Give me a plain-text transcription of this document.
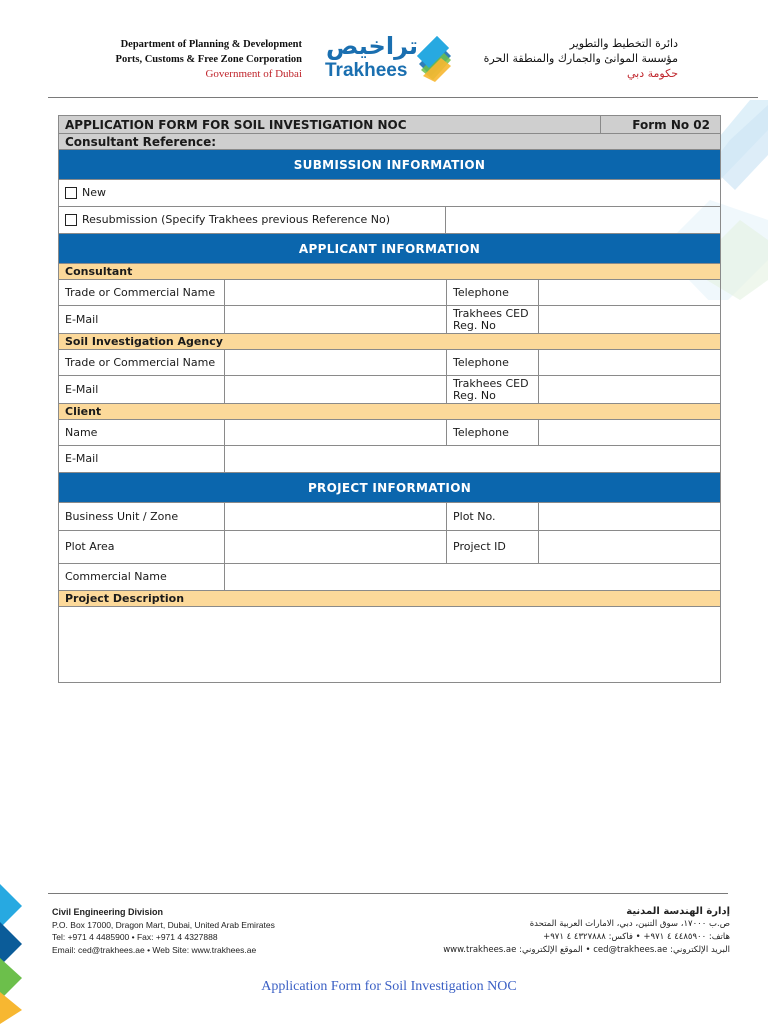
Department of Planning & Development
Ports, Customs & Free Zone Corporation
Government of Dubai
تراخيص
Trakhees
دائرة التخطيط والتطوير
مؤسسة الموانئ والجمارك والمنطقة الحرة
حكومة دبي
APPLICATION FORM FOR SOIL INVESTIGATION NOC	Form No 02
Consultant Reference:
SUBMISSION INFORMATION
New
Resubmission (Specify Trakhees previous Reference No)
APPLICANT INFORMATION
Consultant
Trade or Commercial Name	Telephone
E-Mail	Trakhees CED Reg. No
Soil Investigation Agency
Trade or Commercial Name	Telephone
E-Mail	Trakhees CED Reg. No
Client
Name	Telephone
E-Mail
PROJECT INFORMATION
Business Unit / Zone	Plot No.
Plot Area	Project ID
Commercial Name
Project Description
Civil Engineering Division
P.O. Box 17000, Dragon Mart, Dubai, United Arab Emirates
Tel: +971 4 4485900 • Fax: +971 4 4327888
Email: ced@trakhees.ae • Web Site: www.trakhees.ae
إدارة الهندسة المدنية
ص.ب ١٧٠٠٠، سوق التنين، دبي، الامارات العربية المتحدة
هاتف: ٤٤٨٥٩٠٠ ٤ ٩٧١+ • فاكس: ٤٣٢٧٨٨٨ ٤ ٩٧١+
البريد الإلكتروني: ced@trakhees.ae • الموقع الإلكتروني: www.trakhees.ae
Application Form for Soil Investigation NOC
